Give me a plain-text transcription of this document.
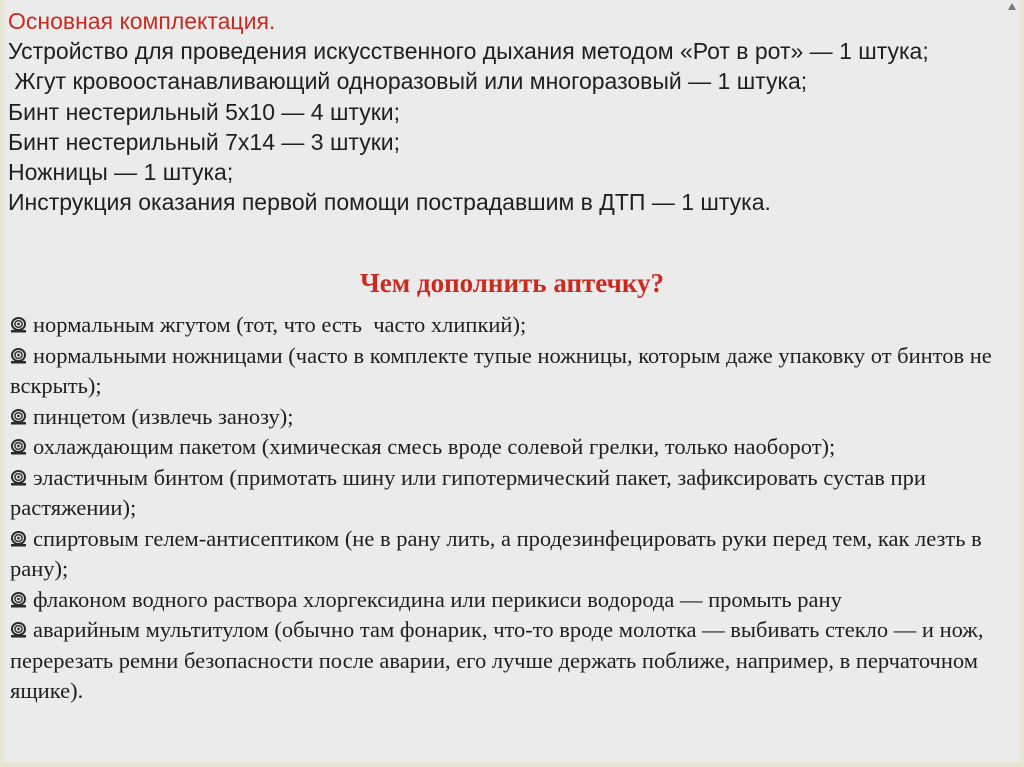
Основная комплектация.

Устройство для проведения искусственного дыхания методом «Рот в рот» — 1 штука;

Жгут кровоостанавливающий одноразовый или многоразовый — 1 штука;

Бинт нестерильный 5х10 — 4 штуки;

Бинт нестерильный 7х14 — 3 штуки;

Ножницы — 1 штука;

Инструкция оказания первой помощи пострадавшим в ДТП — 1 штука.

Чем дополнить аптечку?
нормальным жгутом (тот, что есть  часто хлипкий);
нормальными ножницами (часто в комплекте тупые ножницы, которым даже упаковку от бинтов не вскрыть);
пинцетом (извлечь занозу);
охлаждающим пакетом (химическая смесь вроде солевой грелки, только наоборот);
эластичным бинтом (примотать шину или гипотермический пакет, зафиксировать сустав при растяжении);
спиртовым гелем-антисептиком (не в рану лить, а продезинфецировать руки перед тем, как лезть в рану);
флаконом водного раствора хлоргексидина или перикиси водорода — промыть рану
аварийным мультитулом (обычно там фонарик, что-то вроде молотка — выбивать стекло — и нож, перерезать ремни безопасности после аварии, его лучше держать поближе, например, в перчаточном ящике).
